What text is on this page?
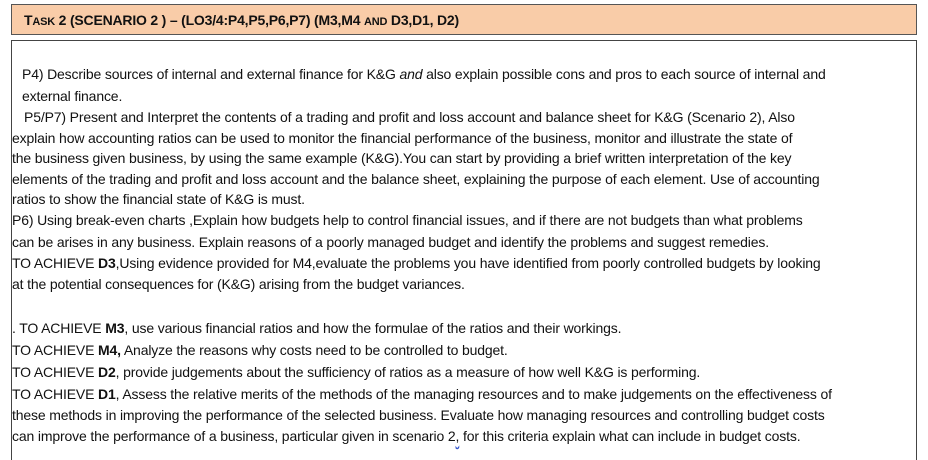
TASK 2 (SCENARIO 2 ) – (LO3/4:P4,P5,P6,P7) (M3,M4 AND D3,D1, D2)
P4) Describe sources of internal and external finance for K&G and also explain possible cons and pros to each source of internal and
external finance.
P5/P7) Present and Interpret the contents of a trading and profit and loss account and balance sheet for K&G (Scenario 2), Also
explain how accounting ratios can be used to monitor the financial performance of the business, monitor and illustrate the state of
the business given business, by using the same example (K&G).You can start by providing a brief written interpretation of the key
elements of the trading and profit and loss account and the balance sheet, explaining the purpose of each element. Use of accounting
ratios to show the financial state of K&G is must.
P6) Using break-even charts ,Explain how budgets help to control financial issues, and if there are not budgets than what problems
can be arises in any business. Explain reasons of a poorly managed budget and identify the problems and suggest remedies.
TO ACHIEVE D3,Using evidence provided for M4,evaluate the problems you have identified from poorly controlled budgets by looking
at the potential consequences for (K&G) arising from the budget variances.
. TO ACHIEVE M3, use various financial ratios and how the formulae of the ratios and their workings.
TO ACHIEVE M4, Analyze the reasons why costs need to be controlled to budget.
TO ACHIEVE D2, provide judgements about the sufficiency of ratios as a measure of how well K&G is performing.
TO ACHIEVE D1, Assess the relative merits of the methods of the managing resources and to make judgements on the effectiveness of
these methods in improving the performance of the selected business. Evaluate how managing resources and controlling budget costs
can improve the performance of a business, particular given in scenario 2, for this criteria explain what can include in budget costs.
